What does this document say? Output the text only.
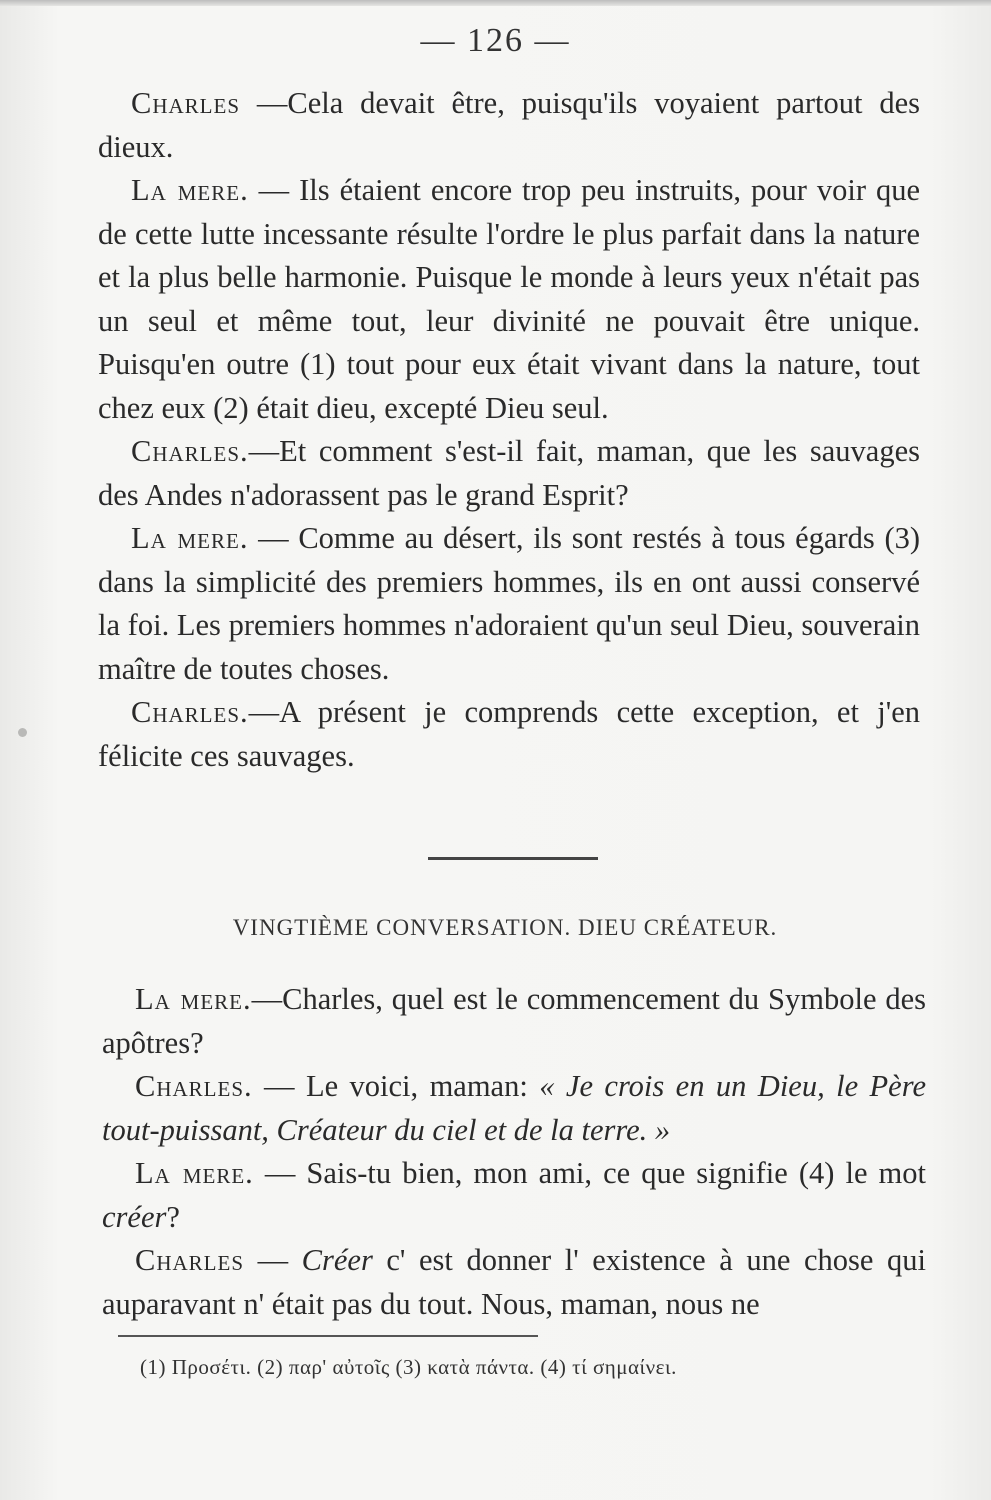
— 126 —

Charles —Cela devait être, puisqu'ils voyaient partout des dieux.

La mere. — Ils étaient encore trop peu instruits, pour voir que de cette lutte incessante résulte l'ordre le plus parfait dans la nature et la plus belle harmonie. Puisque le monde à leurs yeux n'était pas un seul et même tout, leur divinité ne pouvait être unique. Puisqu'en outre (1) tout pour eux était vivant dans la nature, tout chez eux (2) était dieu, excepté Dieu seul.

Charles.—Et comment s'est-il fait, maman, que les sauvages des Andes n'adorassent pas le grand Esprit?

La mere. — Comme au désert, ils sont restés à tous égards (3) dans la simplicité des premiers hommes, ils en ont aussi conservé la foi. Les premiers hommes n'adoraient qu'un seul Dieu, souverain maître de toutes choses.

Charles.—A présent je comprends cette exception, et j'en félicite ces sauvages.

VINGTIÈME CONVERSATION. DIEU CRÉATEUR.

La mere.—Charles, quel est le commencement du Symbole des apôtres?

Charles. — Le voici, maman: « Je crois en un Dieu, le Père tout-puissant, Créateur du ciel et de la terre. »

La mere. — Sais-tu bien, mon ami, ce que signifie (4) le mot créer?

Charles — Créer c' est donner l' existence à une chose qui auparavant n' était pas du tout. Nous, maman, nous ne

(1) Προσέτι. (2) παρ' αὐτοῖς (3) κατὰ πάντα. (4) τί σημαίνει.
